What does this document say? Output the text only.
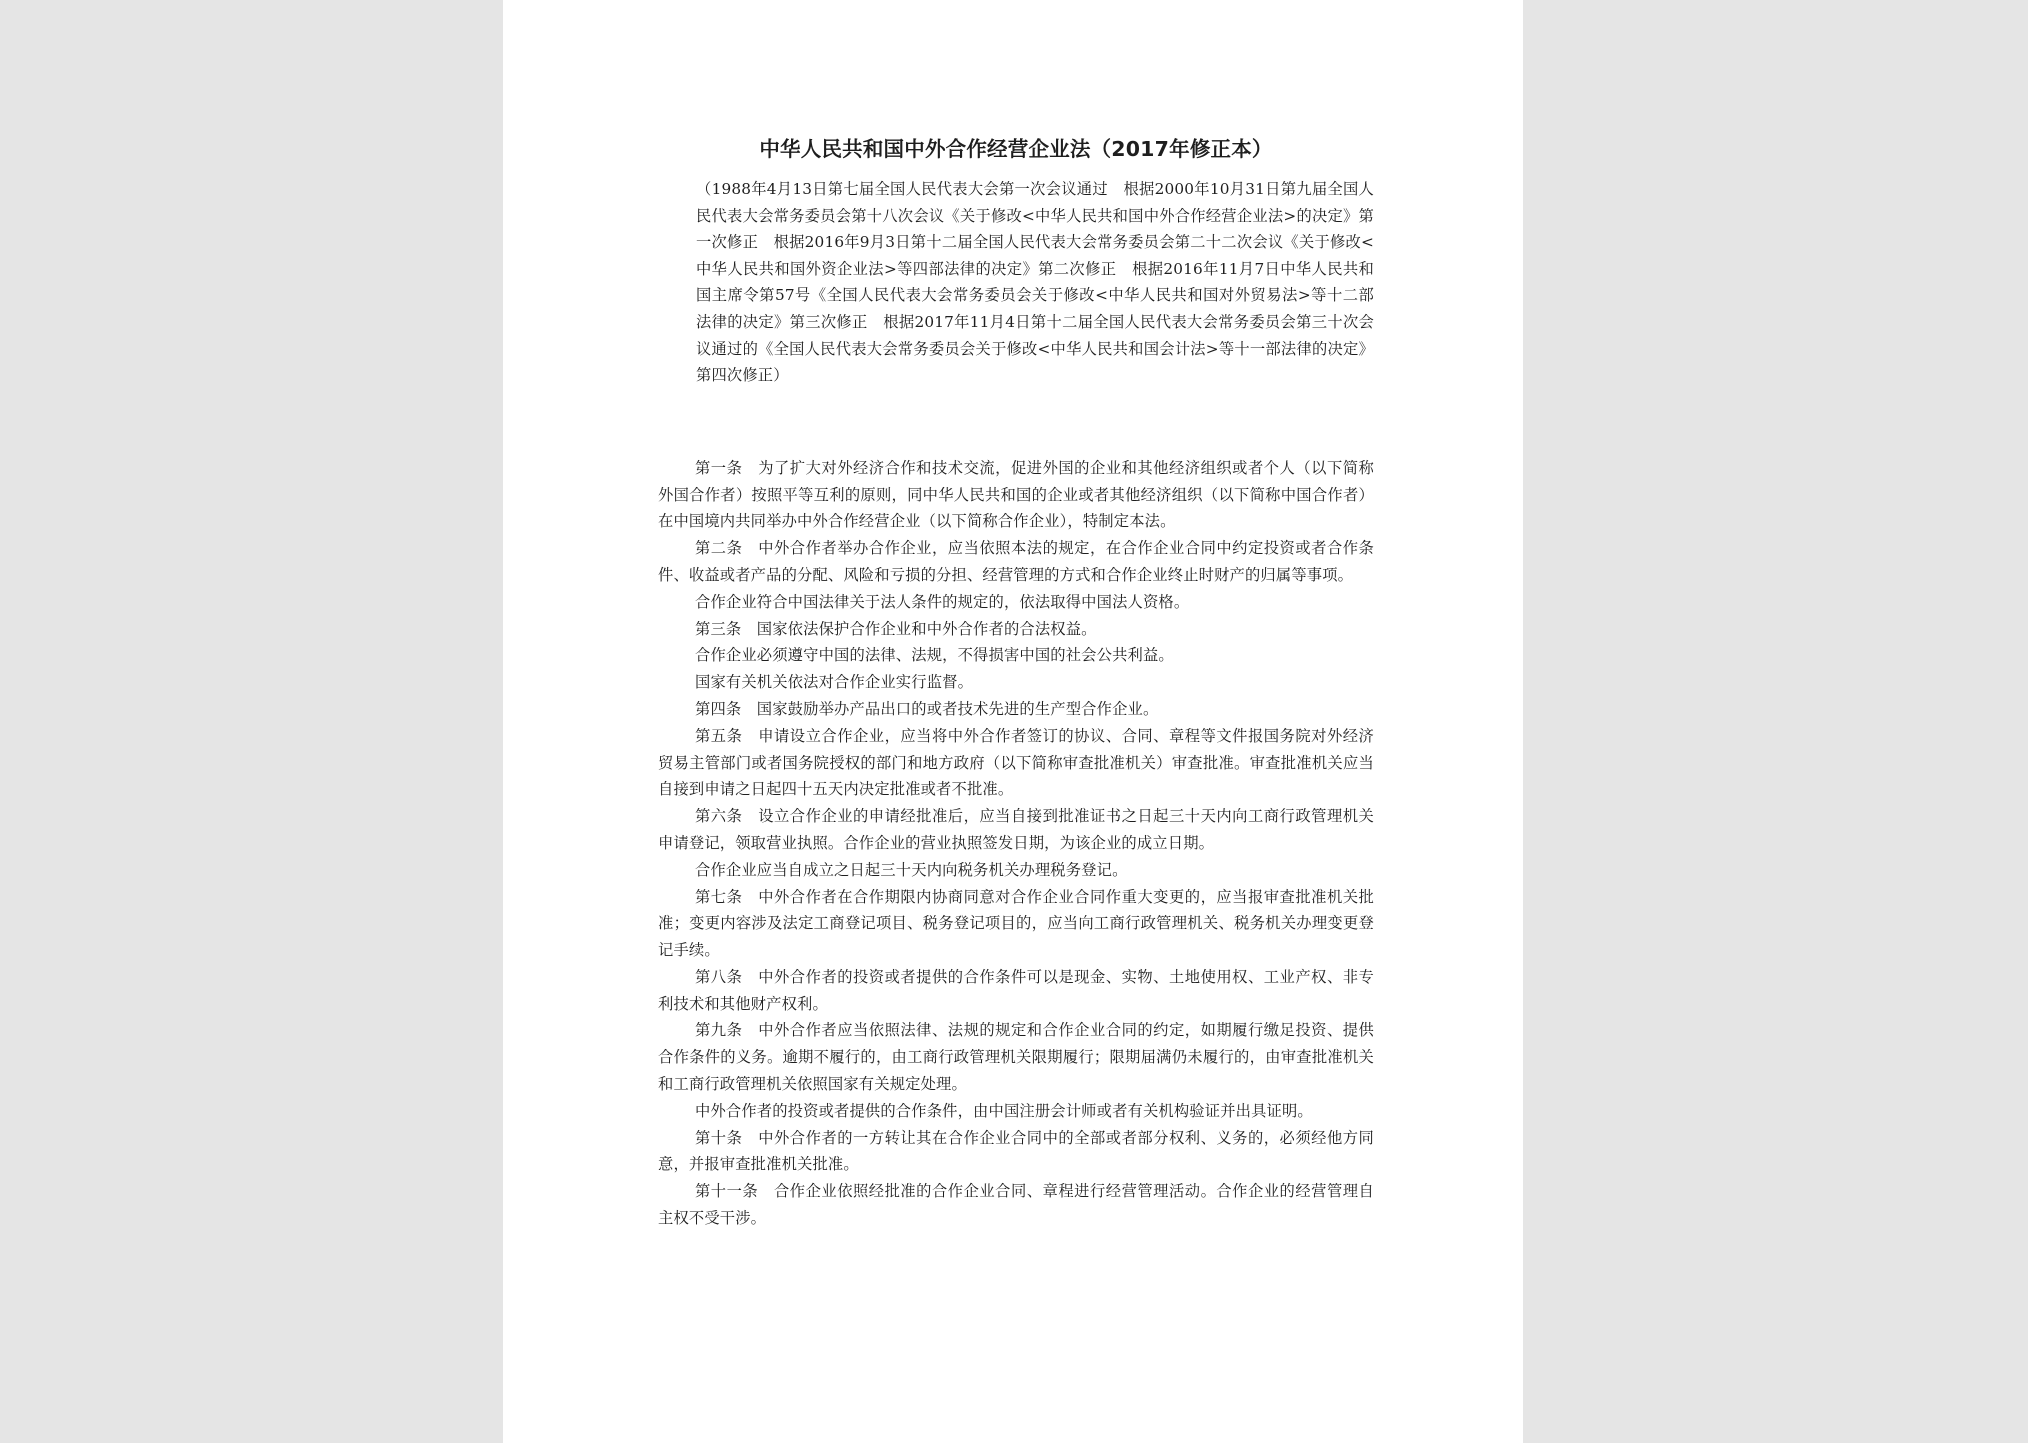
中华人民共和国中外合作经营企业法（2017年修正本）

（1988年4月13日第七届全国人民代表大会第一次会议通过　根据2000年10月31日第九届全国人民代表大会常务委员会第十八次会议《关于修改<中华人民共和国中外合作经营企业法>的决定》第一次修正　根据2016年9月3日第十二届全国人民代表大会常务委员会第二十二次会议《关于修改<中华人民共和国外资企业法>等四部法律的决定》第二次修正　根据2016年11月7日中华人民共和国主席令第57号《全国人民代表大会常务委员会关于修改<中华人民共和国对外贸易法>等十二部法律的决定》第三次修正　根据2017年11月4日第十二届全国人民代表大会常务委员会第三十次会议通过的《全国人民代表大会常务委员会关于修改<中华人民共和国会计法>等十一部法律的决定》第四次修正）

第一条　为了扩大对外经济合作和技术交流，促进外国的企业和其他经济组织或者个人（以下简称外国合作者）按照平等互利的原则，同中华人民共和国的企业或者其他经济组织（以下简称中国合作者）在中国境内共同举办中外合作经营企业（以下简称合作企业），特制定本法。

第二条　中外合作者举办合作企业，应当依照本法的规定，在合作企业合同中约定投资或者合作条件、收益或者产品的分配、风险和亏损的分担、经营管理的方式和合作企业终止时财产的归属等事项。

合作企业符合中国法律关于法人条件的规定的，依法取得中国法人资格。

第三条　国家依法保护合作企业和中外合作者的合法权益。

合作企业必须遵守中国的法律、法规，不得损害中国的社会公共利益。

国家有关机关依法对合作企业实行监督。

第四条　国家鼓励举办产品出口的或者技术先进的生产型合作企业。

第五条　申请设立合作企业，应当将中外合作者签订的协议、合同、章程等文件报国务院对外经济贸易主管部门或者国务院授权的部门和地方政府（以下简称审查批准机关）审查批准。审查批准机关应当自接到申请之日起四十五天内决定批准或者不批准。

第六条　设立合作企业的申请经批准后，应当自接到批准证书之日起三十天内向工商行政管理机关申请登记，领取营业执照。合作企业的营业执照签发日期，为该企业的成立日期。

合作企业应当自成立之日起三十天内向税务机关办理税务登记。

第七条　中外合作者在合作期限内协商同意对合作企业合同作重大变更的，应当报审查批准机关批准；变更内容涉及法定工商登记项目、税务登记项目的，应当向工商行政管理机关、税务机关办理变更登记手续。

第八条　中外合作者的投资或者提供的合作条件可以是现金、实物、土地使用权、工业产权、非专利技术和其他财产权利。

第九条　中外合作者应当依照法律、法规的规定和合作企业合同的约定，如期履行缴足投资、提供合作条件的义务。逾期不履行的，由工商行政管理机关限期履行；限期届满仍未履行的，由审查批准机关和工商行政管理机关依照国家有关规定处理。

中外合作者的投资或者提供的合作条件，由中国注册会计师或者有关机构验证并出具证明。

第十条　中外合作者的一方转让其在合作企业合同中的全部或者部分权利、义务的，必须经他方同意，并报审查批准机关批准。

第十一条　合作企业依照经批准的合作企业合同、章程进行经营管理活动。合作企业的经营管理自主权不受干涉。
